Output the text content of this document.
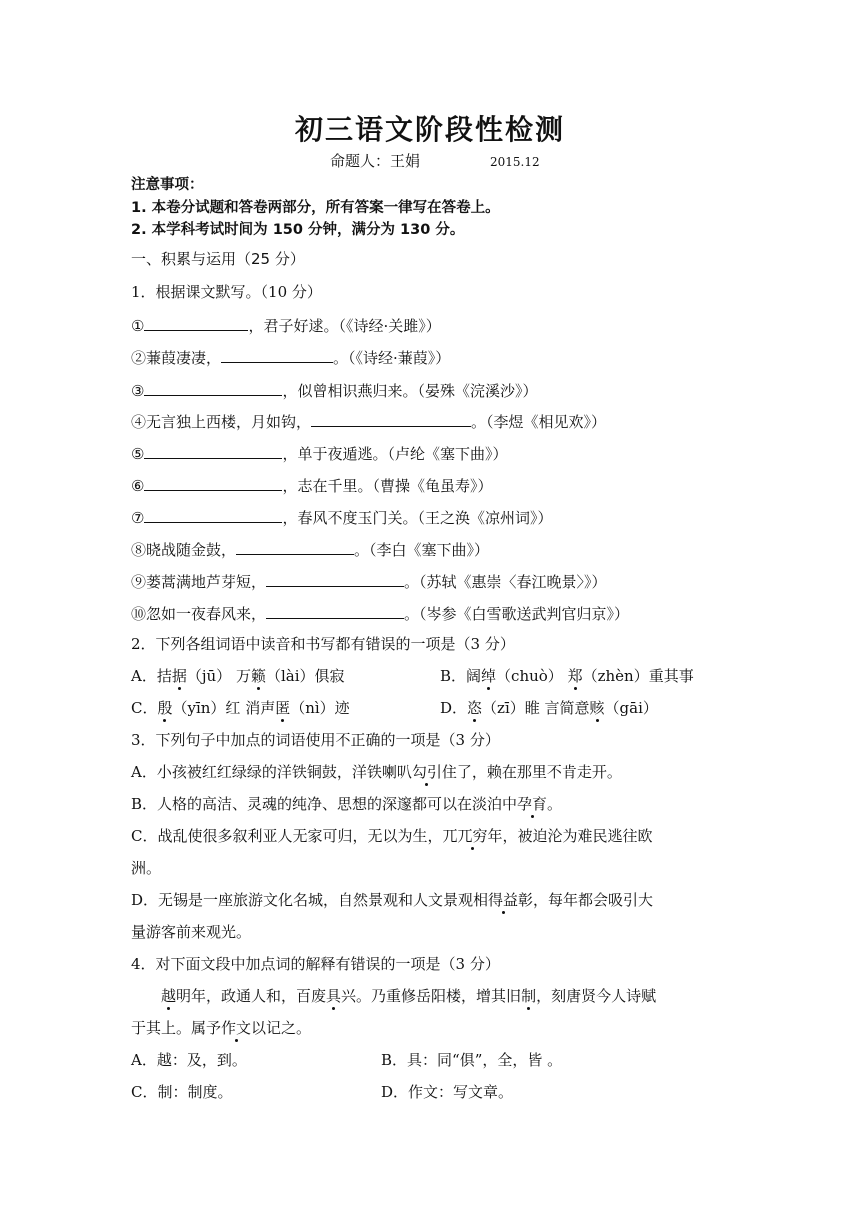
初三语文阶段性检测
命题人：王娟	2015.12
注意事项：
1. 本卷分试题和答卷两部分，所有答案一律写在答卷上。
2. 本学科考试时间为 150 分钟，满分为 130 分。
一、积累与运用（25 分）
1．根据课文默写。（10 分）
①	，君子好逑。（《诗经·关雎》）
②蒹葭凄凄，	。（《诗经·蒹葭》）
③	，似曾相识燕归来。（晏殊《浣溪沙》）
④无言独上西楼，月如钩，	。（李煜《相见欢》）
⑤	，单于夜遁逃。（卢纶《塞下曲》）
⑥	，志在千里。（曹操《龟虽寿》）
⑦	，春风不度玉门关。（王之涣《凉州词》）
⑧晓战随金鼓，	。（李白《塞下曲》）
⑨蒌蒿满地芦芽短，	。（苏轼《惠崇〈春江晚景〉》）
⑩忽如一夜春风来，	。（岑参《白雪歌送武判官归京》）
2．下列各组词语中读音和书写都有错误的一项是（3 分）
A．拮据（jū） 万籁（lài）俱寂	B．阔绰（chuò） 郑（zhèn）重其事
C．殷（yīn）红 消声匿（nì）迹	D．恣（zī）睢 言简意赅（gāi）
3．下列句子中加点的词语使用不正确的一项是（3 分）
A．小孩被红红绿绿的洋铁铜鼓，洋铁喇叭勾引住了，赖在那里不肯走开。
B．人格的高洁、灵魂的纯净、思想的深邃都可以在淡泊中孕育。
C．战乱使很多叙利亚人无家可归，无以为生，兀兀穷年，被迫沦为难民逃往欧
洲。
D．无锡是一座旅游文化名城，自然景观和人文景观相得益彰，每年都会吸引大
量游客前来观光。
4．对下面文段中加点词的解释有错误的一项是（3 分）
越明年，政通人和，百废具兴。乃重修岳阳楼，增其旧制，刻唐贤今人诗赋
于其上。属予作文以记之。
A．越：及，到。	B．具：同“俱”，全，皆 。
C．制：制度。	D．作文：写文章。
